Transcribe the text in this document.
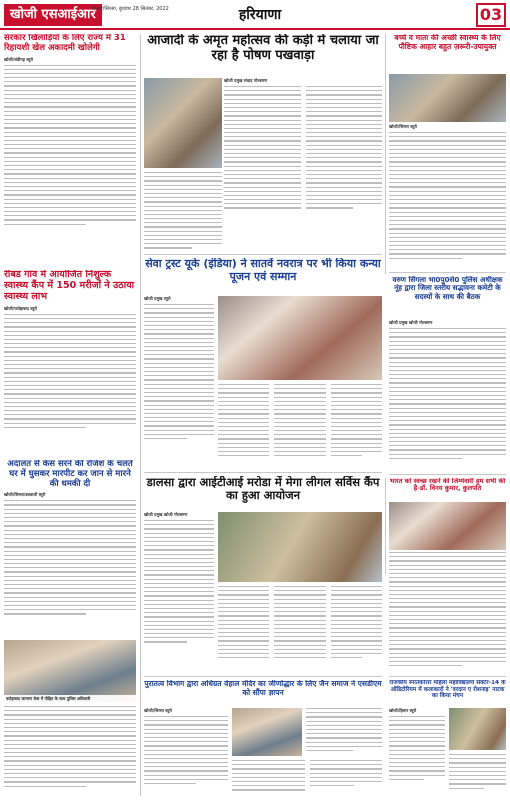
खोजी एसआईआर
हिसार/सिरसा, बुधवार 28 सितंबर, 2022	हरियाणा	03
सरकार खिलाड़ियों के लिए राज्य में 31 रिहायशी खेल अकादमी खोलेगी
खोजी/चंडीगढ़ ब्यूरो
रीबड गांव में आयोजित निशुल्क स्वास्थ्य कैंप में 150 मरीजों ने उठाया स्वास्थ्य लाभ
खोजी/फतेहाबाद ब्यूरो
अदालत से केस सरने की रंजिश के चलते घर में घुसकर मारपीट कर जान से मारने की धमकी दी
खोजी/सिरसा/डबवाली ब्यूरो
फतेहाबाद जागरण केस में पीड़ित के साथ पुलिस अधिकारी
आजादी के अमृत महोत्सव की कड़ी में चलाया जा रहा है पोषण पखवाड़ा
खोजी प्रमुख संवाद गोल्डमण
सेवा ट्रस्ट यूके (इंडिया) ने सातवें नवरात्र पर भी किया कन्या पूजन एवं सम्मान
खोजी प्रमुख ब्यूरो
डालसा द्वारा आईटीआई मरोडा में मेगा लीगल सर्विस कैंप का हुआ आयोजन
खोजी प्रमुख खोजी गोल्डमण
पुरातत्व विभाग द्वारा अधिग्रत वेहाल मंदिर का जीर्णोद्धार के लिए जैन समाज ने एसडीएम को सौंपा ज्ञापन
खोजी/सिरसा ब्यूरो
बच्चे व माता की अच्छी स्वास्थ्य के लिए पौष्टिक आहार बहुत ज़रूरी-उपायुक्त
खोजी/सिरसा ब्यूरो
वरुण सिंगला भा0पु0से0 पुलिस अधीक्षक नूंह द्वारा जिला स्तरीय सद्भावना कमेटी के सदस्यों के साथ की बैठक
खोजी प्रमुख खोजी गोल्डमण
भारत को स्वच्छ रखने की जिम्मेवारी हम सभी की है-डॉ. विनय कुमार, कुलपति
राजकीय स्नातकोत्तर महिला महाविद्यालय सेक्टर-14 के ऑडिटोरियम में कलाकारों ने 'वरदान ए रोशनाइ' नाटक का किया मंचन
खोजी/हिसार ब्यूरो
